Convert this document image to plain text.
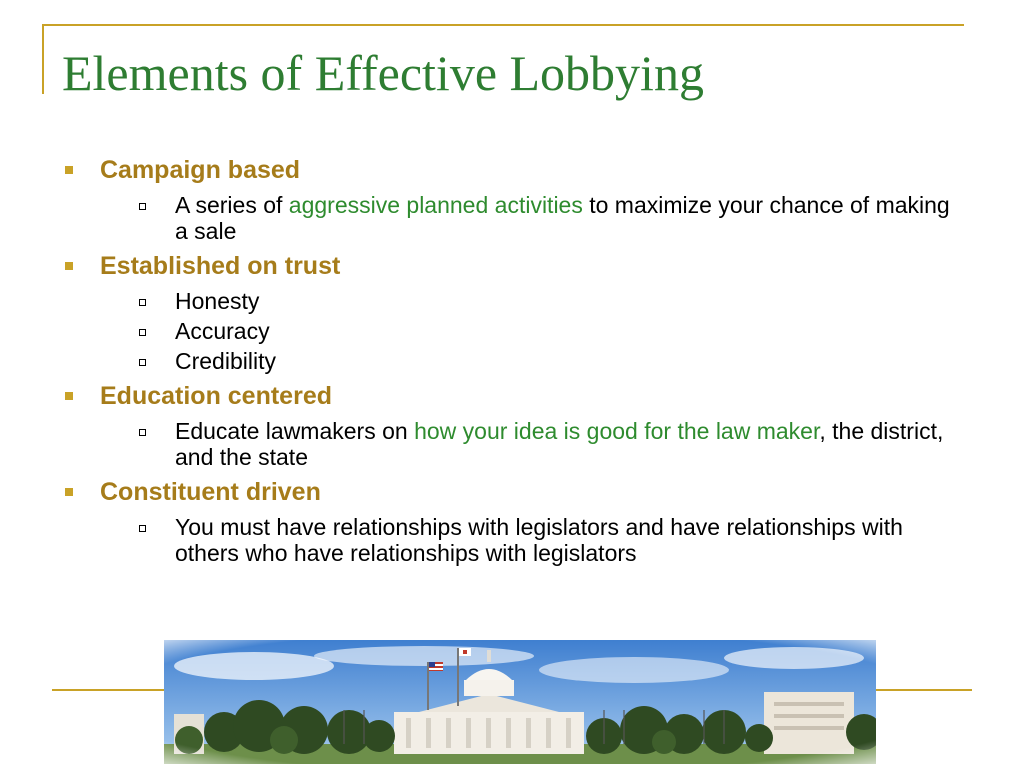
Elements of Effective Lobbying
Campaign based
A series of aggressive planned activities to maximize your chance of making a sale
Established on trust
Honesty
Accuracy
Credibility
Education centered
Educate lawmakers on how your idea is good for the law maker, the district, and the state
Constituent driven
You must have relationships with legislators and have relationships with others who have relationships with legislators
